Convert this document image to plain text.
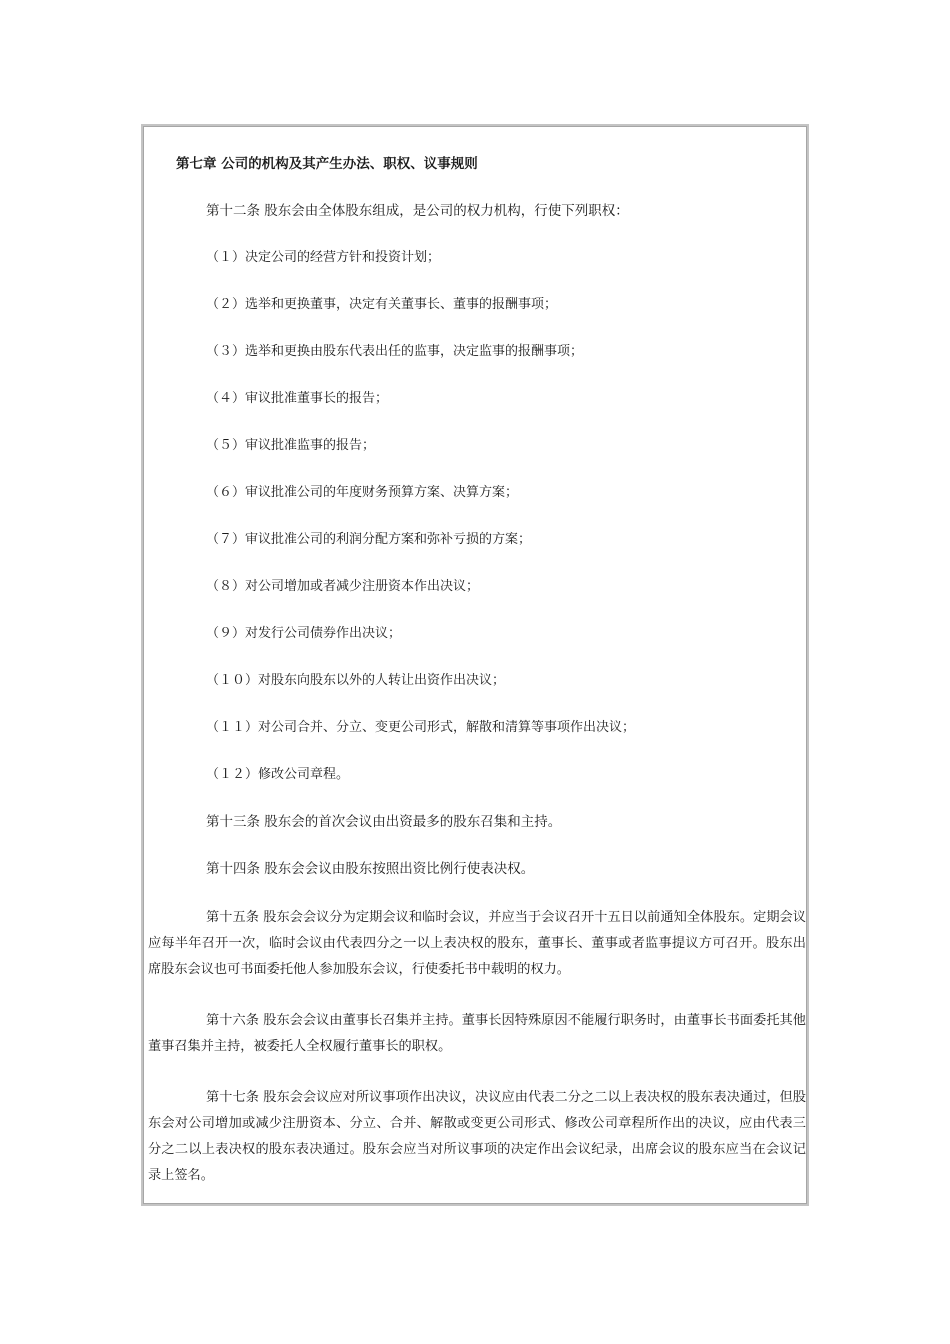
第七章 公司的机构及其产生办法、职权、议事规则
第十二条 股东会由全体股东组成，是公司的权力机构，行使下列职权：
（１）决定公司的经营方针和投资计划；
（２）选举和更换董事，决定有关董事长、董事的报酬事项；
（３）选举和更换由股东代表出任的监事，决定监事的报酬事项；
（４）审议批准董事长的报告；
（５）审议批准监事的报告；
（６）审议批准公司的年度财务预算方案、决算方案；
（７）审议批准公司的利润分配方案和弥补亏损的方案；
（８）对公司增加或者减少注册资本作出决议；
（９）对发行公司债券作出决议；
（１０）对股东向股东以外的人转让出资作出决议；
（１１）对公司合并、分立、变更公司形式，解散和清算等事项作出决议；
（１２）修改公司章程。
第十三条 股东会的首次会议由出资最多的股东召集和主持。
第十四条 股东会会议由股东按照出资比例行使表决权。
第十五条 股东会会议分为定期会议和临时会议，并应当于会议召开十五日以前通知全体股东。定期会议应每半年召开一次，临时会议由代表四分之一以上表决权的股东，董事长、董事或者监事提议方可召开。股东出席股东会议也可书面委托他人参加股东会议，行使委托书中载明的权力。
第十六条 股东会会议由董事长召集并主持。董事长因特殊原因不能履行职务时，由董事长书面委托其他董事召集并主持，被委托人全权履行董事长的职权。
第十七条 股东会会议应对所议事项作出决议，决议应由代表二分之二以上表决权的股东表决通过，但股东会对公司增加或减少注册资本、分立、合并、解散或变更公司形式、修改公司章程所作出的决议，应由代表三分之二以上表决权的股东表决通过。股东会应当对所议事项的决定作出会议纪录，出席会议的股东应当在会议记录上签名。
